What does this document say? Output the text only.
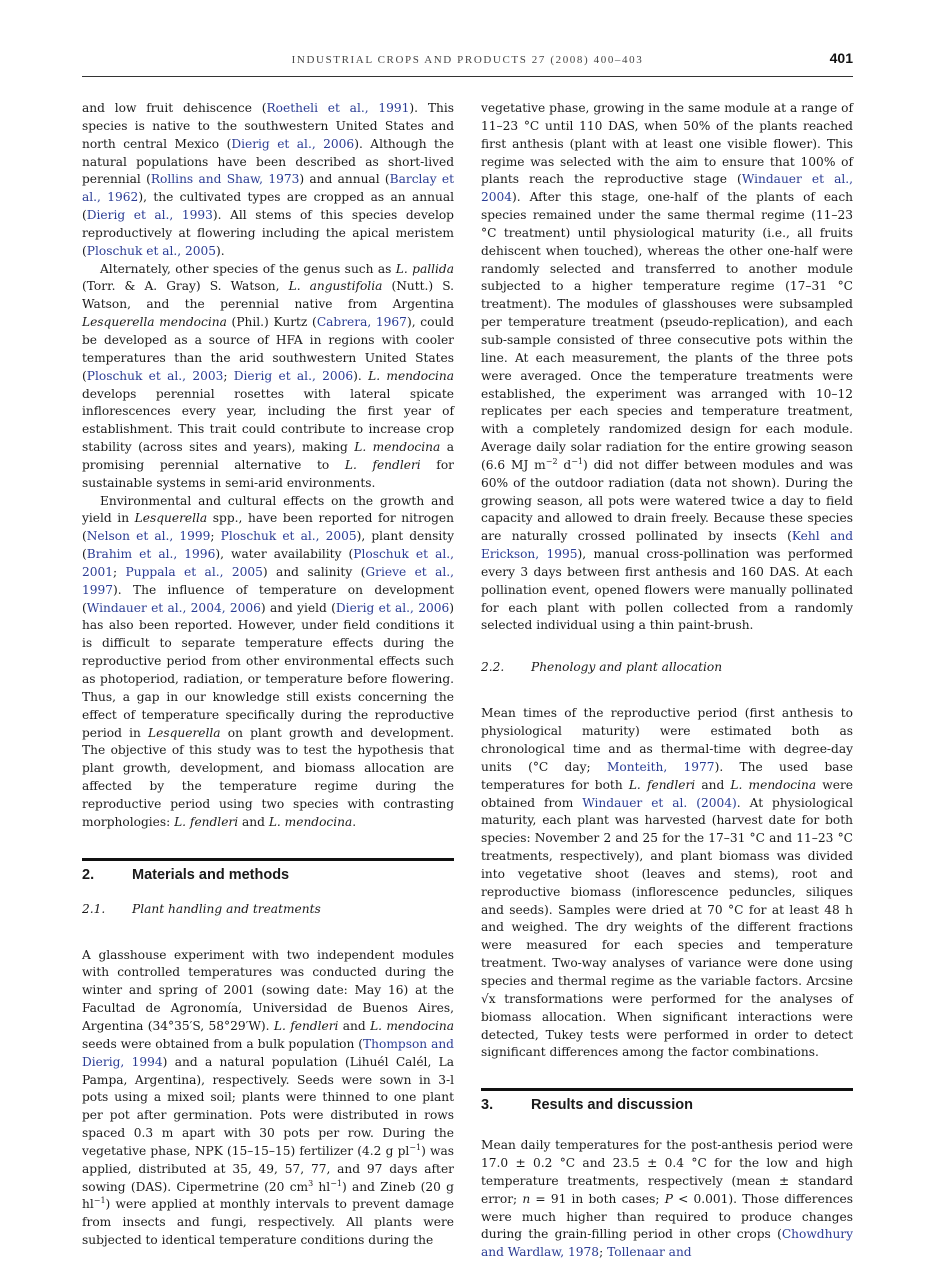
INDUSTRIAL CROPS AND PRODUCTS 27 (2008) 400–403	401

and low fruit dehiscence (Roetheli et al., 1991). This species is native to the southwestern United States and north central Mexico (Dierig et al., 2006). Although the natural populations have been described as short-lived perennial (Rollins and Shaw, 1973) and annual (Barclay et al., 1962), the cultivated types are cropped as an annual (Dierig et al., 1993). All stems of this species develop reproductively at flowering including the apical meristem (Ploschuk et al., 2005).

Alternately, other species of the genus such as L. pallida (Torr. & A. Gray) S. Watson, L. angustifolia (Nutt.) S. Watson, and the perennial native from Argentina Lesquerella mendocina (Phil.) Kurtz (Cabrera, 1967), could be developed as a source of HFA in regions with cooler temperatures than the arid southwestern United States (Ploschuk et al., 2003; Dierig et al., 2006). L. mendocina develops perennial rosettes with lateral spicate inflorescences every year, including the first year of establishment. This trait could contribute to increase crop stability (across sites and years), making L. mendocina a promising perennial alternative to L. fendleri for sustainable systems in semi-arid environments.

Environmental and cultural effects on the growth and yield in Lesquerella spp., have been reported for nitrogen (Nelson et al., 1999; Ploschuk et al., 2005), plant density (Brahim et al., 1996), water availability (Ploschuk et al., 2001; Puppala et al., 2005) and salinity (Grieve et al., 1997). The influence of temperature on development (Windauer et al., 2004, 2006) and yield (Dierig et al., 2006) has also been reported. However, under field conditions it is difficult to separate temperature effects during the reproductive period from other environmental effects such as photoperiod, radiation, or temperature before flowering. Thus, a gap in our knowledge still exists concerning the effect of temperature specifically during the reproductive period in Lesquerella on plant growth and development. The objective of this study was to test the hypothesis that plant growth, development, and biomass allocation are affected by the temperature regime during the reproductive period using two species with contrasting morphologies: L. fendleri and L. mendocina.

2.	Materials and methods
2.1. Plant handling and treatments

A glasshouse experiment with two independent modules with controlled temperatures was conducted during the winter and spring of 2001 (sowing date: May 16) at the Facultad de Agronomía, Universidad de Buenos Aires, Argentina (34°35′S, 58°29′W). L. fendleri and L. mendocina seeds were obtained from a bulk population (Thompson and Dierig, 1994) and a natural population (Lihuél Calél, La Pampa, Argentina), respectively. Seeds were sown in 3-l pots using a mixed soil; plants were thinned to one plant per pot after germination. Pots were distributed in rows spaced 0.3 m apart with 30 pots per row. During the vegetative phase, NPK (15–15–15) fertilizer (4.2 g $pl^{-1}$) was applied, distributed at 35, 49, 57, 77, and 97 days after sowing (DAS). Cipermetrine (20 $cm^3$ $hl^{-1}$) and Zineb (20 g $hl^{-1}$) were applied at monthly intervals to prevent damage from insects and fungi, respectively. All plants were subjected to identical temperature conditions during the

vegetative phase, growing in the same module at a range of 11–23 °C until 110 DAS, when 50% of the plants reached first anthesis (plant with at least one visible flower). This regime was selected with the aim to ensure that 100% of plants reach the reproductive stage (Windauer et al., 2004). After this stage, one-half of the plants of each species remained under the same thermal regime (11–23 °C treatment) until physiological maturity (i.e., all fruits dehiscent when touched), whereas the other one-half were randomly selected and transferred to another module subjected to a higher temperature regime (17–31 °C treatment). The modules of glasshouses were subsampled per temperature treatment (pseudo-replication), and each sub-sample consisted of three consecutive pots within the line. At each measurement, the plants of the three pots were averaged. Once the temperature treatments were established, the experiment was arranged with 10–12 replicates per each species and temperature treatment, with a completely randomized design for each module. Average daily solar radiation for the entire growing season (6.6 MJ $m^{-2}$ $d^{-1}$) did not differ between modules and was 60% of the outdoor radiation (data not shown). During the growing season, all pots were watered twice a day to field capacity and allowed to drain freely. Because these species are naturally crossed pollinated by insects (Kehl and Erickson, 1995), manual cross-pollination was performed every 3 days between first anthesis and 160 DAS. At each pollination event, opened flowers were manually pollinated for each plant with pollen collected from a randomly selected individual using a thin paint-brush.

2.2. Phenology and plant allocation

Mean times of the reproductive period (first anthesis to physiological maturity) were estimated both as chronological time and as thermal-time with degree-day units (°C day; Monteith, 1977). The used base temperatures for both L. fendleri and L. mendocina were obtained from Windauer et al. (2004). At physiological maturity, each plant was harvested (harvest date for both species: November 2 and 25 for the 17–31 °C and 11–23 °C treatments, respectively), and plant biomass was divided into vegetative shoot (leaves and stems), root and reproductive biomass (inflorescence peduncles, siliques and seeds). Samples were dried at 70 °C for at least 48 h and weighed. The dry weights of the different fractions were measured for each species and temperature treatment. Two-way analyses of variance were done using species and thermal regime as the variable factors. Arcsine √x transformations were performed for the analyses of biomass allocation. When significant interactions were detected, Tukey tests were performed in order to detect significant differences among the factor combinations.

3.	Results and discussion

Mean daily temperatures for the post-anthesis period were 17.0 ± 0.2 °C and 23.5 ± 0.4 °C for the low and high temperature treatments, respectively (mean ± standard error; n = 91 in both cases; P < 0.001). Those differences were much higher than required to produce changes during the grain-filling period in other crops (Chowdhury and Wardlaw, 1978; Tollenaar and
